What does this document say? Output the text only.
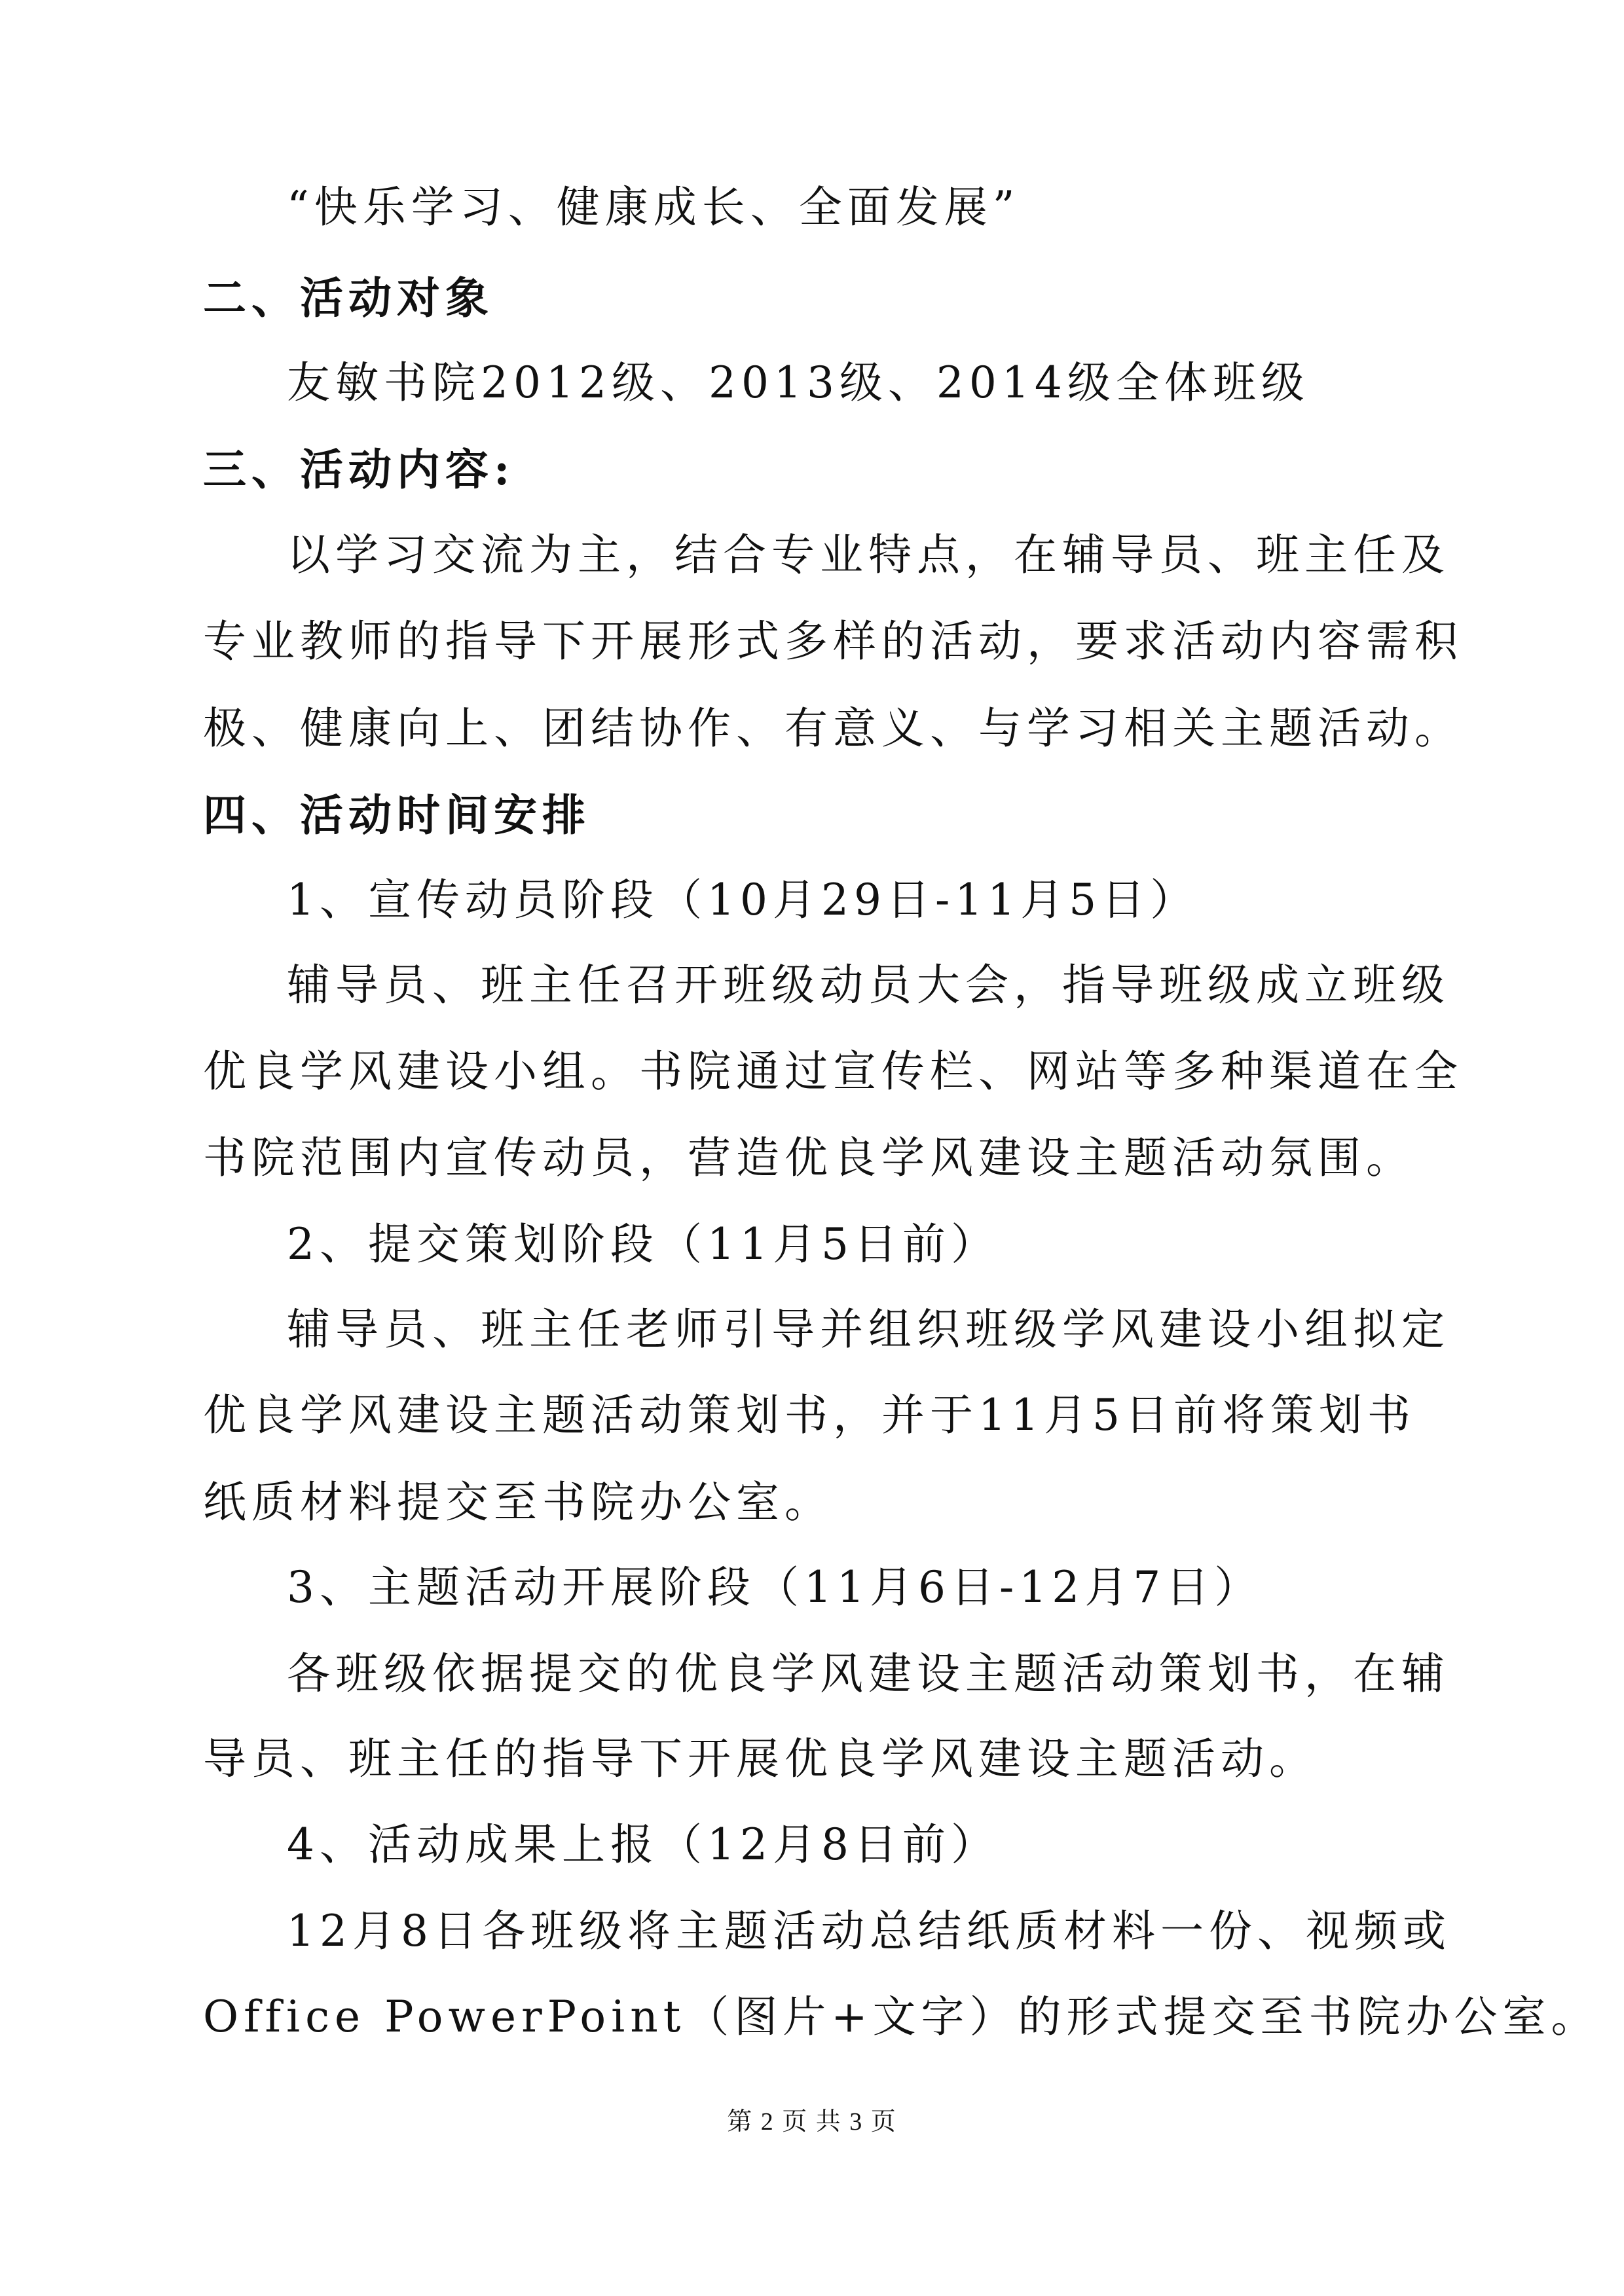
“快乐学习、健康成长、全面发展”
二、活动对象
友敏书院2012级、2013级、2014级全体班级
三、活动内容:
以学习交流为主，结合专业特点，在辅导员、班主任及
专业教师的指导下开展形式多样的活动，要求活动内容需积
极、健康向上、团结协作、有意义、与学习相关主题活动。
四、活动时间安排
1、宣传动员阶段（10月29日-11月5日）
辅导员、班主任召开班级动员大会，指导班级成立班级
优良学风建设小组。书院通过宣传栏、网站等多种渠道在全
书院范围内宣传动员，营造优良学风建设主题活动氛围。
2、提交策划阶段（11月5日前）
辅导员、班主任老师引导并组织班级学风建设小组拟定
优良学风建设主题活动策划书，并于11月5日前将策划书
纸质材料提交至书院办公室。
3、主题活动开展阶段（11月6日-12月7日）
各班级依据提交的优良学风建设主题活动策划书，在辅
导员、班主任的指导下开展优良学风建设主题活动。
4、活动成果上报（12月8日前）
12月8日各班级将主题活动总结纸质材料一份、视频或
Office PowerPoint（图片+文字）的形式提交至书院办公室。
第 2 页 共 3 页
